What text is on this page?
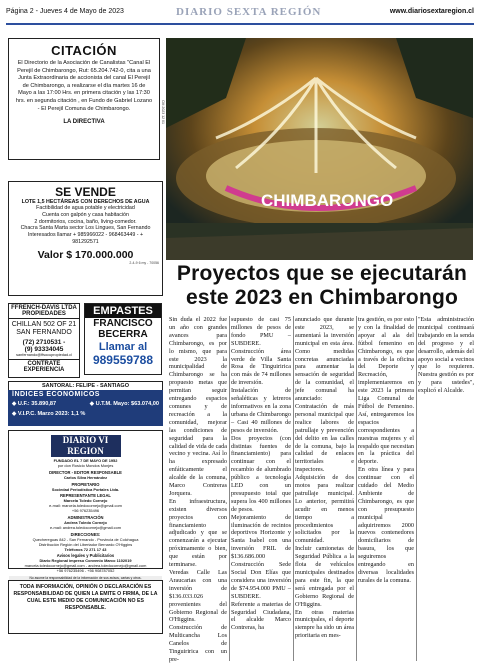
Página 2 - Jueves 4 de Mayo de 2023	DIARIO SEXTA REGIÓN	www.diariosextaregion.cl
CITACIÓN

El Directorio de la Asociación de Canalistas "Canal El Perejil de Chimbarongo, Rut: 65.204.742-0, cita a una Junta Extraordinaria de accionista del canal El Perejil de Chimbarongo, a realizarse el día martes 16 de Mayo a las 17:00 Hrs. en primera citación y las 17:30 hrs. en segunda citación , en Fundo de Gabriel Lozano - El Perejil Comuna de Chimbarongo.

LA DIRECTIVA	CM 2023 12 01
CHIMBARONGO
SE VENDE
LOTE 1,5 HECTÁREAS CON DERECHOS DE AGUA

Factibilidad de agua potable y electricidad

Cuenta con galpón y casa habitación

2 dormitorios, cocina, baño, living-comedor.

Chacra Santa Marta sector Los Lingues, San Fernando

Interesados llamar + 985966022 - 968463449 - +

981292571

Valor $ 170.000.000
2-4-9 6 my - 70056 Proyectos que se ejecutarán este 2023 en Chimbarongo
FFRENCH-DAVIS LTDA PROPIEDADES
CHILLAN 502 OF 21 SAN FERNANDO
(72) 2710531 -
(9) 93334045
sanfernando@ffsocupropiedad.cl
CONTRATE EXPERIENCIA
EMPASTES
FRANCISCO
BECERRA
Llamar al
989559788
SANTORAL: FELIPE - SANTIAGO
ÍNDICES ECONÓMICOS
◆ U.F.: 35.890,87	◆ U.T.M. Mayo: $63.074,00
◆ V.I.P.C. Marzo 2023: 1,1 %
DIARIO VI
REGION
FUNDADO EL 7 DE MAYO DE 1952
por don Rosicio Mondos Monjes
DIRECTOR - EDITOR RESPONSABLE
Carlos Silva Hernández
PROPIETARIO
Sociedad Periodística Portales Ltda.
REPRESENTANTE LEGAL
Marcela Toledo Cornejo
e-mail: marcela.toledocornejo@gmail.com
+56 976235496
ADMINISTRACIÓN
Andrea Toledo Cornejo
e-mail: andrea.toledocornejo@gmail.com
DIRECCIONES:
Quechereguas 842 - San Fernando - Provincia de Colchagua
Distribución Región del Libertador Bernardo O'Higgins
Teléfonos 72 271 17 43
Avisos legales y Publicitarios
Diario Regional impreso Convenio Marco 1102019
marcela.toledocornejo@gmail.com - andrea.toledocornejo@gmail.com
+56 976235496 - +56 908787052
No asume la responsabilidad de la información de sus avisos, cartas y otros.
TODA INFORMACIÓN, OPINIÓN O DECLARACIÓN ES RESPONSABILIDAD DE QUIEN LA EMITE O FIRMA, DE LA CUAL ESTE MEDIO DE COMUNICACIÓN NO ES RESPONSABLE.
Sin duda el 2022 fue un año con grandes avances para Chimbarongo, es por lo mismo, que para este 2023 la municipalidad de Chimbarongo se ha propuesto metas que permitan seguir entregando espacios comunes y de recreación a la comunidad, mejorar las condiciones de seguridad para la calidad de vida de cada vecino y vecina. Así lo ha expresado enfáticamente el alcalde de la comuna, Marco Contreras Jorquera.
En infraestructura, existen diversos proyectos con financiamiento adjudicado y que se comenzarán a ejecutar próximamente o bien, que están por terminarse.
Veredas Calle Las Araucarias con una inversión de $136.033.026 provenientes del Gobierno Regional de O'Higgins. Construcción de Multicancha Los Canelos de Tinguiririca con un pre-
supuesto de casi 75 millones de pesos de fondo PMU – SUBDERE.
Construcción área verde de Villa Santa Rosa de Tinguiririca con más de 74 millones de inversión.
Instalación de señaléticas y letreros informativos en la zona urbana de Chimbarongo – Casi 40 millones de pesos de inversión.
Dos proyectos (con distintas fuentes de financiamiento) para continuar con el recambio de alumbrado público a tecnología LED con un presupuesto total que supera los 400 millones de pesos.
Mejoramiento de iluminación de recintos deportivos Horizonte y Santa Isabel con una inversión FRIL de $136.686.000
Construcción Sede Social Don Elías que considera una inversión de $74.954.000 PMU – SUBDERE.
Referente a materias de Seguridad Ciudadana, el alcalde Marco Contreras, ha
anunciado que durante este 2023, se aumentará la inversión municipal en esta área. Como medidas concretas anunciadas para aumentar la sensación de seguridad de la comunidad, el jefe comunal ha anunciado:
Contratación de más personal municipal que realice labores de patrullaje y prevención del delito en las calles de la comuna, bajo la calidad de enlaces territoriales e inspectores.
Adquisición de dos motos para realizar patrullaje municipal. Lo anterior, permitirá acudir en menos tiempo a procedimientos solicitados por la comunidad.
Incluir camionetas de Seguridad Pública a la flota de vehículos municipales destinados para este fin, la que será entregada por el Gobierno Regional de O'Higgins.
En otras materias municipales, el deporte siempre ha sido un área prioritaria en mes-
tra gestión, es por esto y con la finalidad de apoyar al ala del fútbol femenino en Chimbarongo, es que a través de la oficina del Deporte y Recreación, implementaremos en este 2023 la primera Liga Comunal de Fútbol de Femenino. Así, entregaremos los espacios correspondientes a nuestras mujeres y el respaldo que necesitan en la práctica del deporte.
En otra línea y para continuar con el cuidado del Medio Ambiente de Chimbarongo, es que con presupuesto municipal adquiriremos 2000 nuevos contenedores domiciliarios de basura, los que seguiremos entregando en diversas localidades rurales de la comuna.
"Esta administración municipal continuará trabajando en la senda del progreso y el desarrollo, además del apoyo social a vecinos que lo requieren. Nuestra gestión es por y para ustedes", explicó el Alcalde.
